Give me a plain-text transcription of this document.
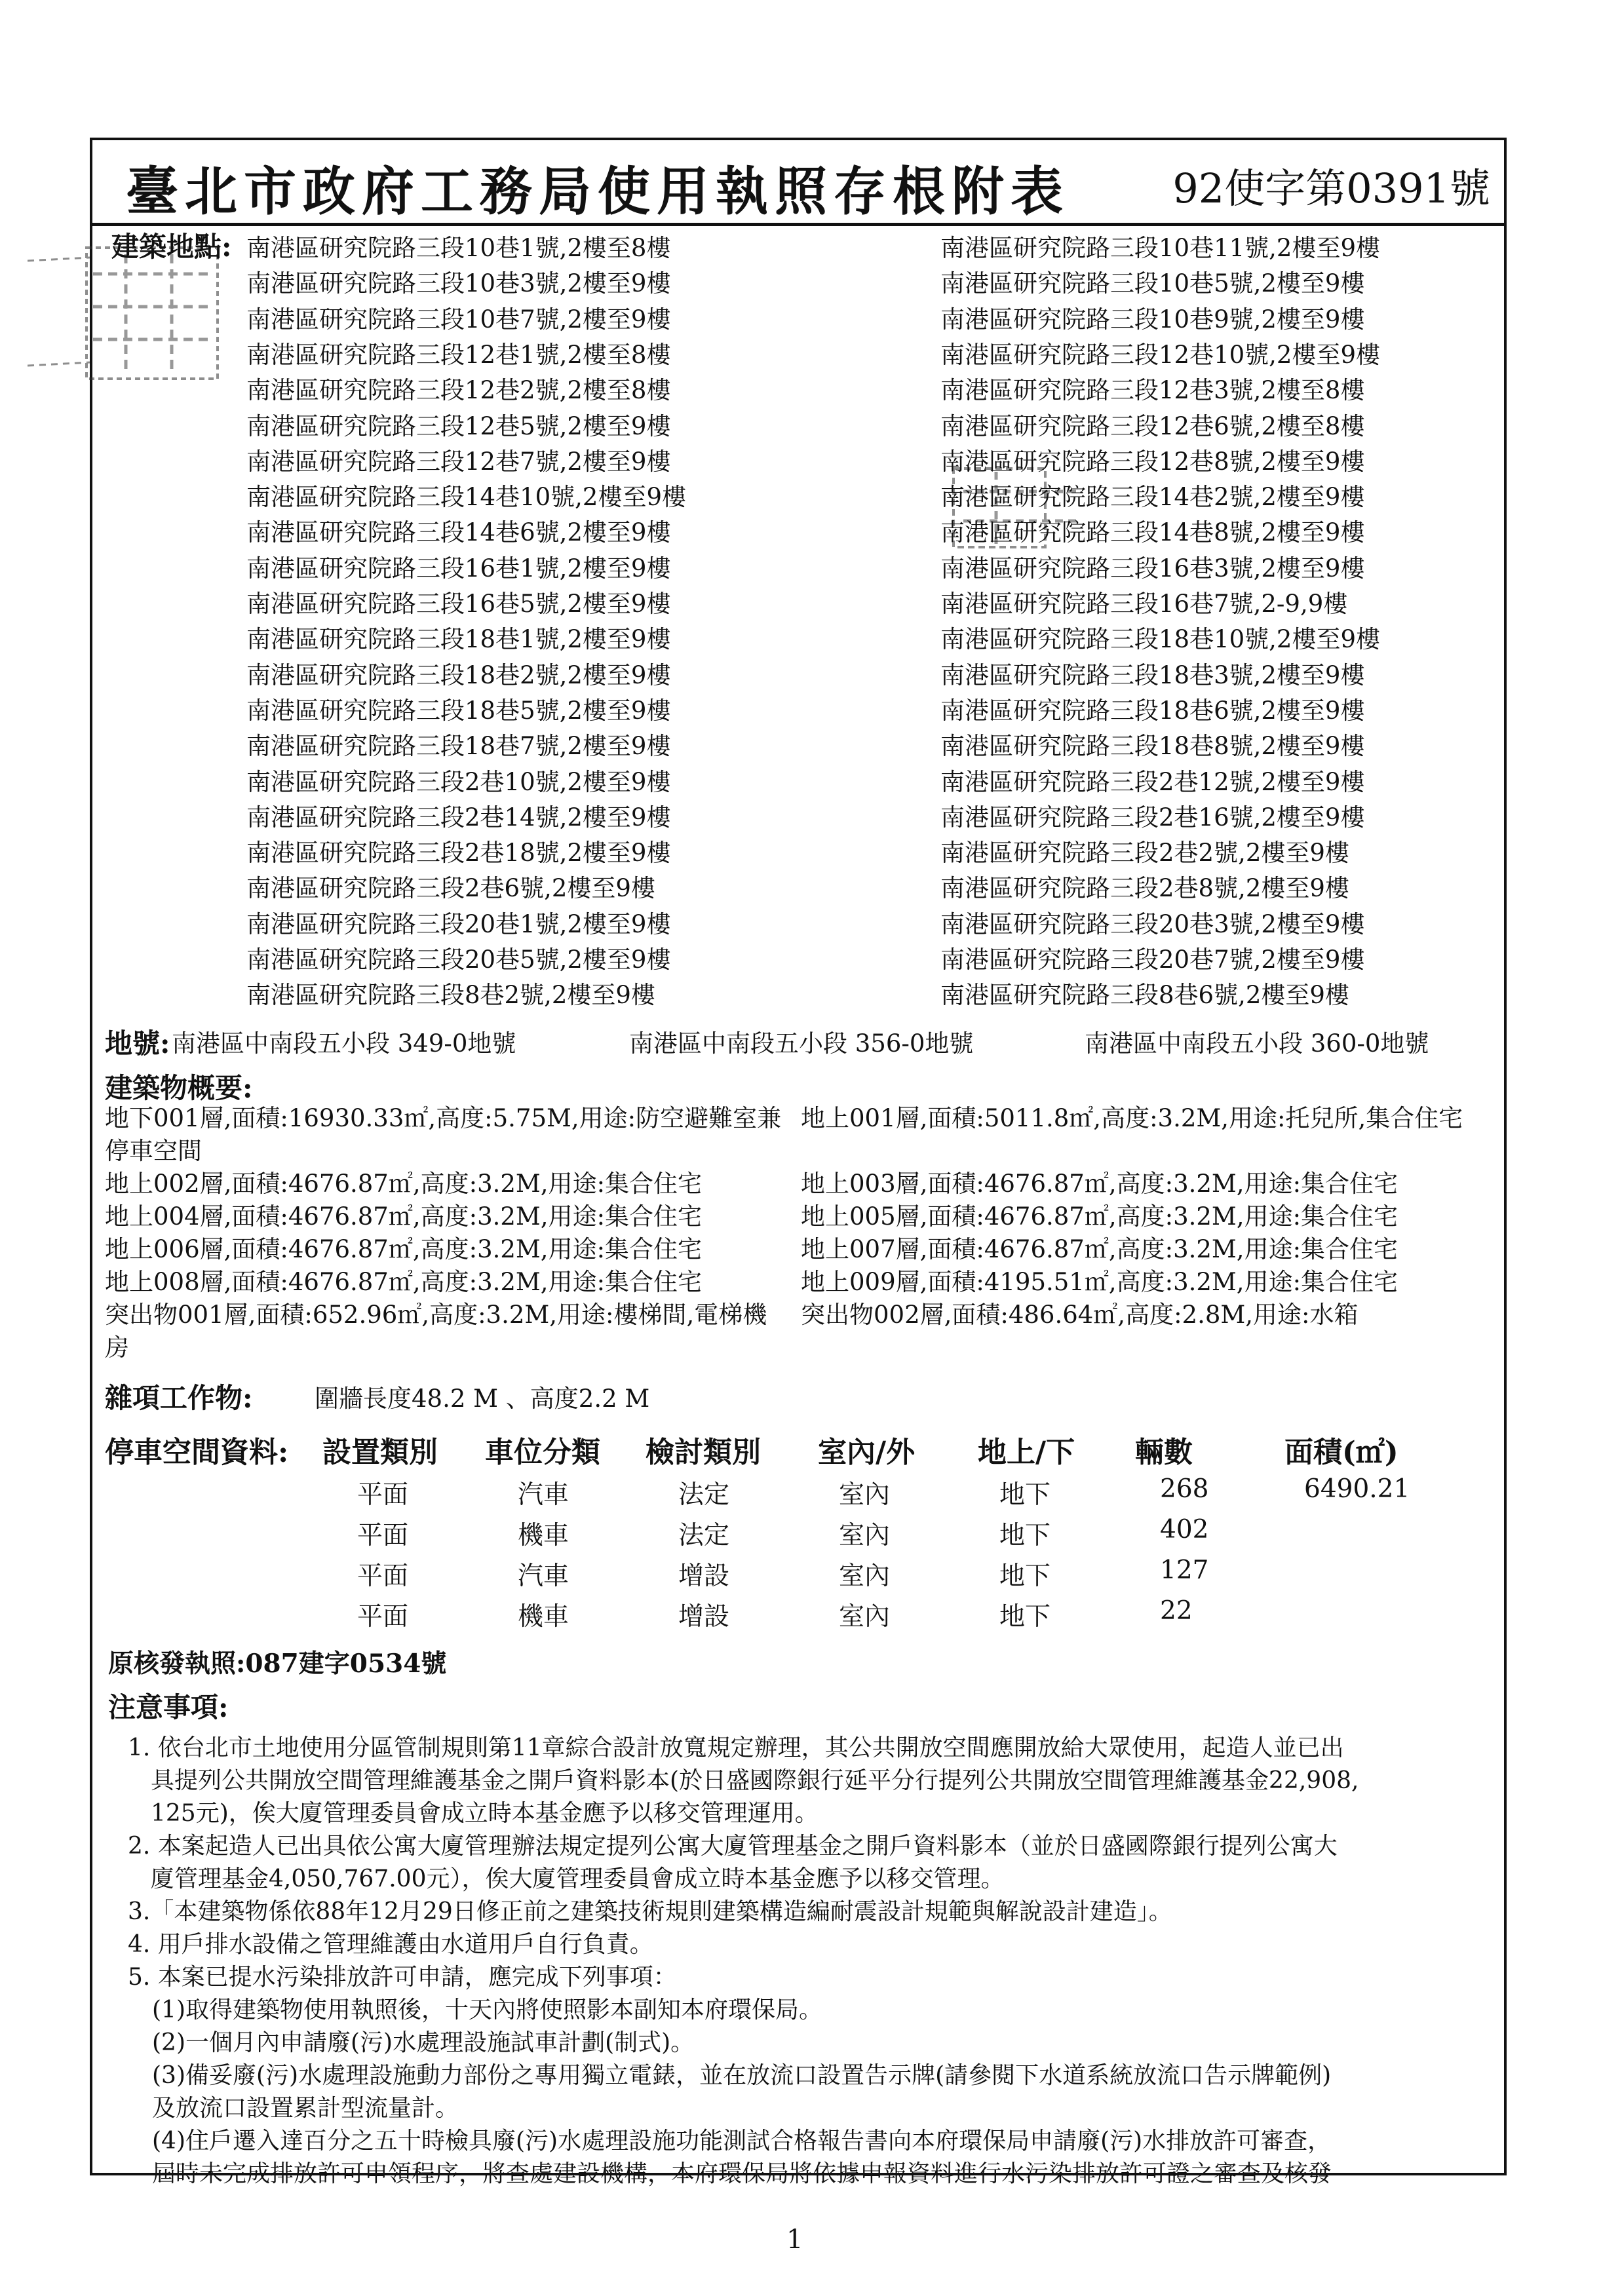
臺北市政府工務局使用執照存根附表	92使字第0391號
建築地點: 南港區研究院路三段10巷1號,2樓至8樓
南港區研究院路三段10巷3號,2樓至9樓
南港區研究院路三段10巷7號,2樓至9樓
南港區研究院路三段12巷1號,2樓至8樓
南港區研究院路三段12巷2號,2樓至8樓
南港區研究院路三段12巷5號,2樓至9樓
南港區研究院路三段12巷7號,2樓至9樓
南港區研究院路三段14巷10號,2樓至9樓
南港區研究院路三段14巷6號,2樓至9樓
南港區研究院路三段16巷1號,2樓至9樓
南港區研究院路三段16巷5號,2樓至9樓
南港區研究院路三段18巷1號,2樓至9樓
南港區研究院路三段18巷2號,2樓至9樓
南港區研究院路三段18巷5號,2樓至9樓
南港區研究院路三段18巷7號,2樓至9樓
南港區研究院路三段2巷10號,2樓至9樓
南港區研究院路三段2巷14號,2樓至9樓
南港區研究院路三段2巷18號,2樓至9樓
南港區研究院路三段2巷6號,2樓至9樓
南港區研究院路三段20巷1號,2樓至9樓
南港區研究院路三段20巷5號,2樓至9樓
南港區研究院路三段8巷2號,2樓至9樓
南港區研究院路三段10巷11號,2樓至9樓
南港區研究院路三段10巷5號,2樓至9樓
南港區研究院路三段10巷9號,2樓至9樓
南港區研究院路三段12巷10號,2樓至9樓
南港區研究院路三段12巷3號,2樓至8樓
南港區研究院路三段12巷6號,2樓至8樓
南港區研究院路三段12巷8號,2樓至9樓
南港區研究院路三段14巷2號,2樓至9樓
南港區研究院路三段14巷8號,2樓至9樓
南港區研究院路三段16巷3號,2樓至9樓
南港區研究院路三段16巷7號,2-9,9樓
南港區研究院路三段18巷10號,2樓至9樓
南港區研究院路三段18巷3號,2樓至9樓
南港區研究院路三段18巷6號,2樓至9樓
南港區研究院路三段18巷8號,2樓至9樓
南港區研究院路三段2巷12號,2樓至9樓
南港區研究院路三段2巷16號,2樓至9樓
南港區研究院路三段2巷2號,2樓至9樓
南港區研究院路三段2巷8號,2樓至9樓
南港區研究院路三段20巷3號,2樓至9樓
南港區研究院路三段20巷7號,2樓至9樓
南港區研究院路三段8巷6號,2樓至9樓
地號: 南港區中南段五小段 349-0地號	南港區中南段五小段 356-0地號	南港區中南段五小段 360-0地號
建築物概要:
地下001層,面積:16930.33㎡,高度:5.75M,用途:防空避難室兼
停車空間
地上002層,面積:4676.87㎡,高度:3.2M,用途:集合住宅
地上004層,面積:4676.87㎡,高度:3.2M,用途:集合住宅
地上006層,面積:4676.87㎡,高度:3.2M,用途:集合住宅
地上008層,面積:4676.87㎡,高度:3.2M,用途:集合住宅
突出物001層,面積:652.96㎡,高度:3.2M,用途:樓梯間,電梯機
房
地上001層,面積:5011.8㎡,高度:3.2M,用途:托兒所,集合住宅
地上003層,面積:4676.87㎡,高度:3.2M,用途:集合住宅
地上005層,面積:4676.87㎡,高度:3.2M,用途:集合住宅
地上007層,面積:4676.87㎡,高度:3.2M,用途:集合住宅
地上009層,面積:4195.51㎡,高度:3.2M,用途:集合住宅
突出物002層,面積:486.64㎡,高度:2.8M,用途:水箱
雜項工作物:	圍牆長度48.2 M 、高度2.2 M
停車空間資料: 設置類別 車位分類 檢討類別 室內/外 地上/下 輛數	面積(㎡)
平面	汽車	法定	室內	地下	268	6490.21
平面	機車	法定	室內	地下	402
平面	汽車	增設	室內	地下	127
平面	機車	增設	室內	地下	22
原核發執照:087建字0534號
注意事項:
1. 依台北市土地使用分區管制規則第11章綜合設計放寬規定辦理，其公共開放空間應開放給大眾使用，起造人並已出
具提列公共開放空間管理維護基金之開戶資料影本(於日盛國際銀行延平分行提列公共開放空間管理維護基金22,908,
125元)，俟大廈管理委員會成立時本基金應予以移交管理運用。
2. 本案起造人已出具依公寓大廈管理辦法規定提列公寓大廈管理基金之開戶資料影本（並於日盛國際銀行提列公寓大
廈管理基金4,050,767.00元），俟大廈管理委員會成立時本基金應予以移交管理。
3.「本建築物係依88年12月29日修正前之建築技術規則建築構造編耐震設計規範與解說設計建造」。
4. 用戶排水設備之管理維護由水道用戶自行負責。
5. 本案已提水污染排放許可申請，應完成下列事項：
(1)取得建築物使用執照後，十天內將使照影本副知本府環保局。
(2)一個月內申請廢(污)水處理設施試車計劃(制式)。
(3)備妥廢(污)水處理設施動力部份之專用獨立電錶，並在放流口設置告示牌(請參閱下水道系統放流口告示牌範例)
及放流口設置累計型流量計。
(4)住戶遷入達百分之五十時檢具廢(污)水處理設施功能測試合格報告書向本府環保局申請廢(污)水排放許可審查，
屆時未完成排放許可申領程序，將查處建設機構，本府環保局將依據申報資料進行水污染排放許可證之審查及核發
1
